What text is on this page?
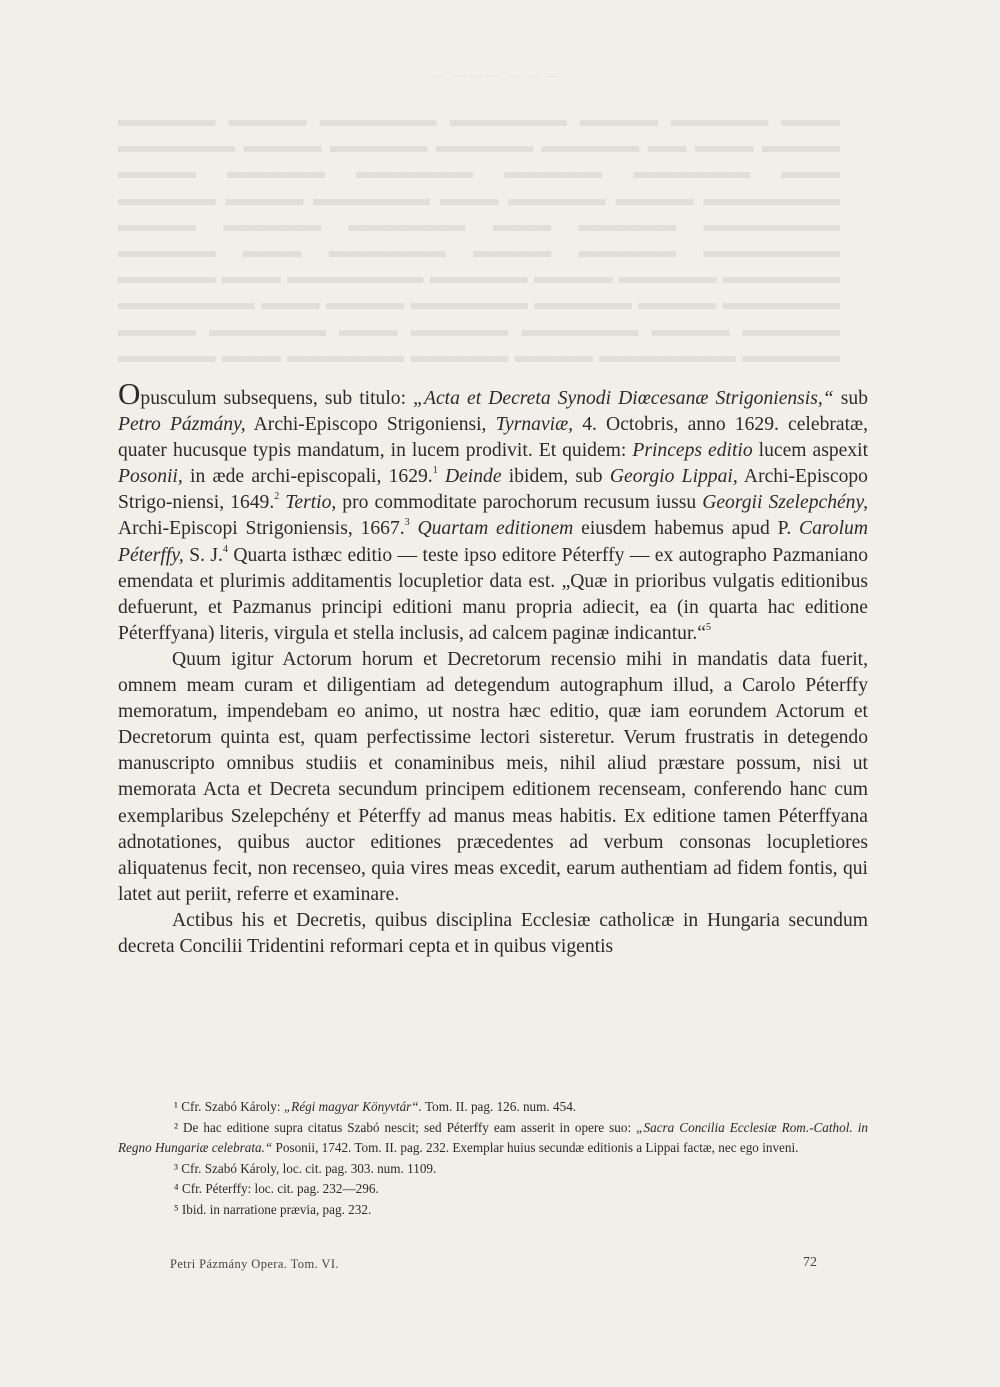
— — — — — — —
▬▬▬ ▬▬▬▬▬ ▬▬▬▬ ▬▬▬▬▬▬ ▬▬▬▬▬▬ ▬▬▬▬ ▬▬▬▬▬ ▬▬▬▬ ▬▬▬ ▬▬ ▬▬▬▬▬ ▬▬▬▬▬ ▬▬▬▬▬ ▬▬▬▬ ▬▬▬▬▬▬ ▬▬▬ ▬▬▬▬▬▬ ▬▬▬▬▬ ▬▬▬▬▬▬ ▬▬▬▬▬ ▬▬▬▬ ▬▬▬▬▬▬▬ ▬▬▬▬ ▬▬▬▬▬ ▬▬▬ ▬▬▬▬▬▬ ▬▬▬▬ ▬▬▬▬▬ ▬▬▬▬▬▬▬ ▬▬▬▬▬ ▬▬▬ ▬▬▬▬▬▬ ▬▬▬▬▬ ▬▬▬▬ ▬▬▬▬▬▬▬ ▬▬▬▬▬ ▬▬▬▬ ▬▬▬▬▬▬ ▬▬▬ ▬▬▬▬▬ ▬▬▬▬▬▬ ▬▬▬▬▬ ▬▬▬▬ ▬▬▬▬▬ ▬▬▬▬▬▬▬ ▬▬▬ ▬▬▬▬▬ ▬▬▬▬▬▬ ▬▬▬▬ ▬▬▬▬▬ ▬▬▬▬▬▬ ▬▬▬▬ ▬▬▬ ▬▬▬▬▬▬▬ ▬▬▬▬▬ ▬▬▬▬ ▬▬▬▬▬▬ ▬▬▬▬▬ ▬▬▬ ▬▬▬▬▬▬ ▬▬▬▬ ▬▬▬▬▬ ▬▬▬▬▬▬▬ ▬▬▬▬ ▬▬▬▬▬ ▬▬▬▬▬▬ ▬▬▬ ▬▬▬▬▬

Opusculum subsequens, sub titulo: „Acta et Decreta Synodi Diœcesanæ Strigoniensis,“ sub Petro Pázmány, Archi-Episcopo Strigoniensi, Tyrnaviæ, 4. Octobris, anno 1629. celebratæ, quater hucusque typis mandatum, in lucem prodivit. Et quidem: Princeps editio lucem aspexit Posonii, in æde archi-episcopali, 1629.$^1$ Deinde ibidem, sub Georgio Lippai, Archi-Episcopo Strigo-niensi, 1649.$^2$ Tertio, pro commoditate parochorum recusum iussu Georgii Szelepchény, Archi-Episcopi Strigoniensis, 1667.$^3$ Quartam editionem eiusdem habemus apud P. Carolum Péterffy, S. J.$^4$ Quarta isthæc editio — teste ipso editore Péterffy — ex autographo Pazmaniano emendata et plurimis additamentis locupletior data est. „Quæ in prioribus vulgatis editionibus defuerunt, et Pazmanus principi editioni manu propria adiecit, ea (in quarta hac editione Péterffyana) literis, virgula et stella inclusis, ad calcem paginæ indicantur.“$^5$

Quum igitur Actorum horum et Decretorum recensio mihi in mandatis data fuerit, omnem meam curam et diligentiam ad detegendum autographum illud, a Carolo Péterffy memoratum, impendebam eo animo, ut nostra hæc editio, quæ iam eorundem Actorum et Decretorum quinta est, quam perfectissime lectori sisteretur. Verum frustratis in detegendo manuscripto omnibus studiis et conaminibus meis, nihil aliud præstare possum, nisi ut memorata Acta et Decreta secundum principem editionem recenseam, conferendo hanc cum exemplaribus Szelepchény et Péterffy ad manus meas habitis. Ex editione tamen Péterffyana adnotationes, quibus auctor editiones præcedentes ad verbum consonas locupletiores aliquatenus fecit, non recenseo, quia vires meas excedit, earum authentiam ad fidem fontis, qui latet aut periit, referre et examinare.

Actibus his et Decretis, quibus disciplina Ecclesiæ catholicæ in Hungaria secundum decreta Concilii Tridentini reformari cepta et in quibus vigentis

¹ Cfr. Szabó Károly: „Régi magyar Könyvtár“. Tom. II. pag. 126. num. 454.

² De hac editione supra citatus Szabó nescit; sed Péterffy eam asserit in opere suo: „Sacra Concilia Ecclesiæ Rom.-Cathol. in Regno Hungariæ celebrata.“ Posonii, 1742. Tom. II. pag. 232. Exemplar huius secundæ editionis a Lippai factæ, nec ego inveni.

³ Cfr. Szabó Károly, loc. cit. pag. 303. num. 1109.

⁴ Cfr. Péterffy: loc. cit. pag. 232—296.

⁵ Ibid. in narratione prævia, pag. 232.

Petri Pázmány Opera. Tom. VI.	72
